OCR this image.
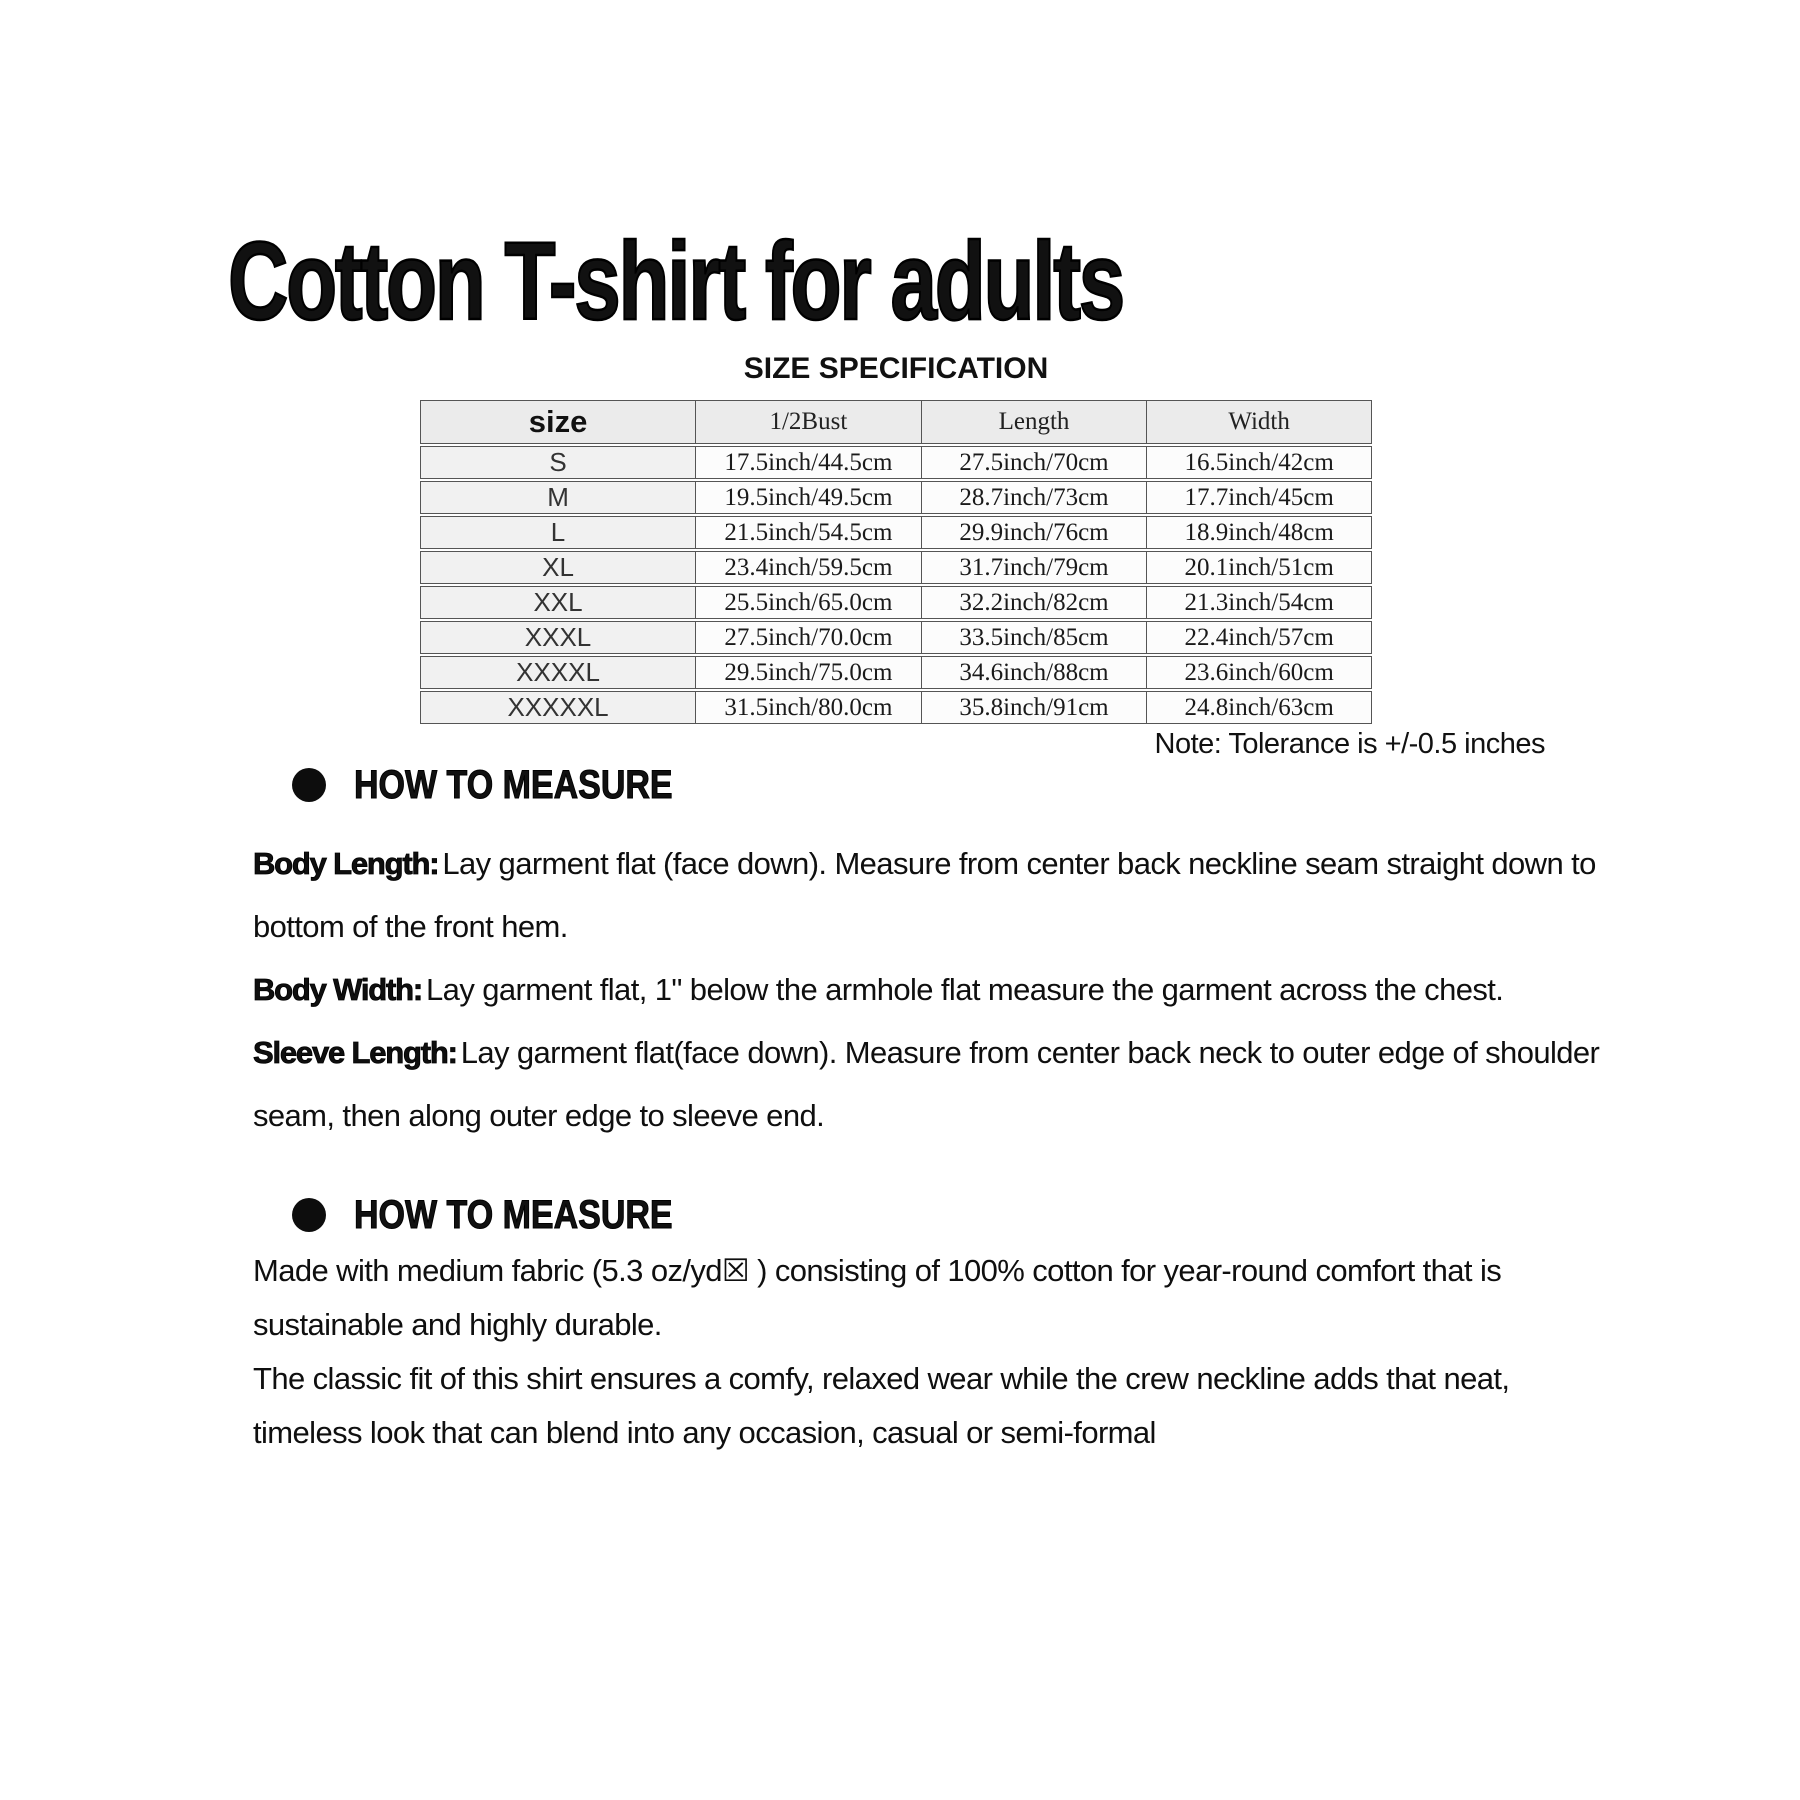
Cotton T-shirt for adults
SIZE SPECIFICATION
size	1/2Bust	Length	Width
S	17.5inch/44.5cm	27.5inch/70cm	16.5inch/42cm
M	19.5inch/49.5cm	28.7inch/73cm	17.7inch/45cm
L	21.5inch/54.5cm	29.9inch/76cm	18.9inch/48cm
XL	23.4inch/59.5cm	31.7inch/79cm	20.1inch/51cm
XXL	25.5inch/65.0cm	32.2inch/82cm	21.3inch/54cm
XXXL	27.5inch/70.0cm	33.5inch/85cm	22.4inch/57cm
XXXXL	29.5inch/75.0cm	34.6inch/88cm	23.6inch/60cm
XXXXXL	31.5inch/80.0cm	35.8inch/91cm	24.8inch/63cm
Note: Tolerance is +/-0.5 inches
HOW TO MEASURE
Body Length: Lay garment flat (face down). Measure from center back neckline seam straight down to
bottom of the front hem.
Body Width: Lay garment flat, 1" below the armhole flat measure the garment across the chest.
Sleeve Length: Lay garment flat(face down). Measure from center back neck to outer edge of shoulder
seam, then along outer edge to sleeve end.
HOW TO MEASURE
Made with medium fabric (5.3 oz/yd☒ ) consisting of 100% cotton for year-round comfort that is
sustainable and highly durable.
The classic fit of this shirt ensures a comfy, relaxed wear while the crew neckline adds that neat,
timeless look that can blend into any occasion, casual or semi-formal
